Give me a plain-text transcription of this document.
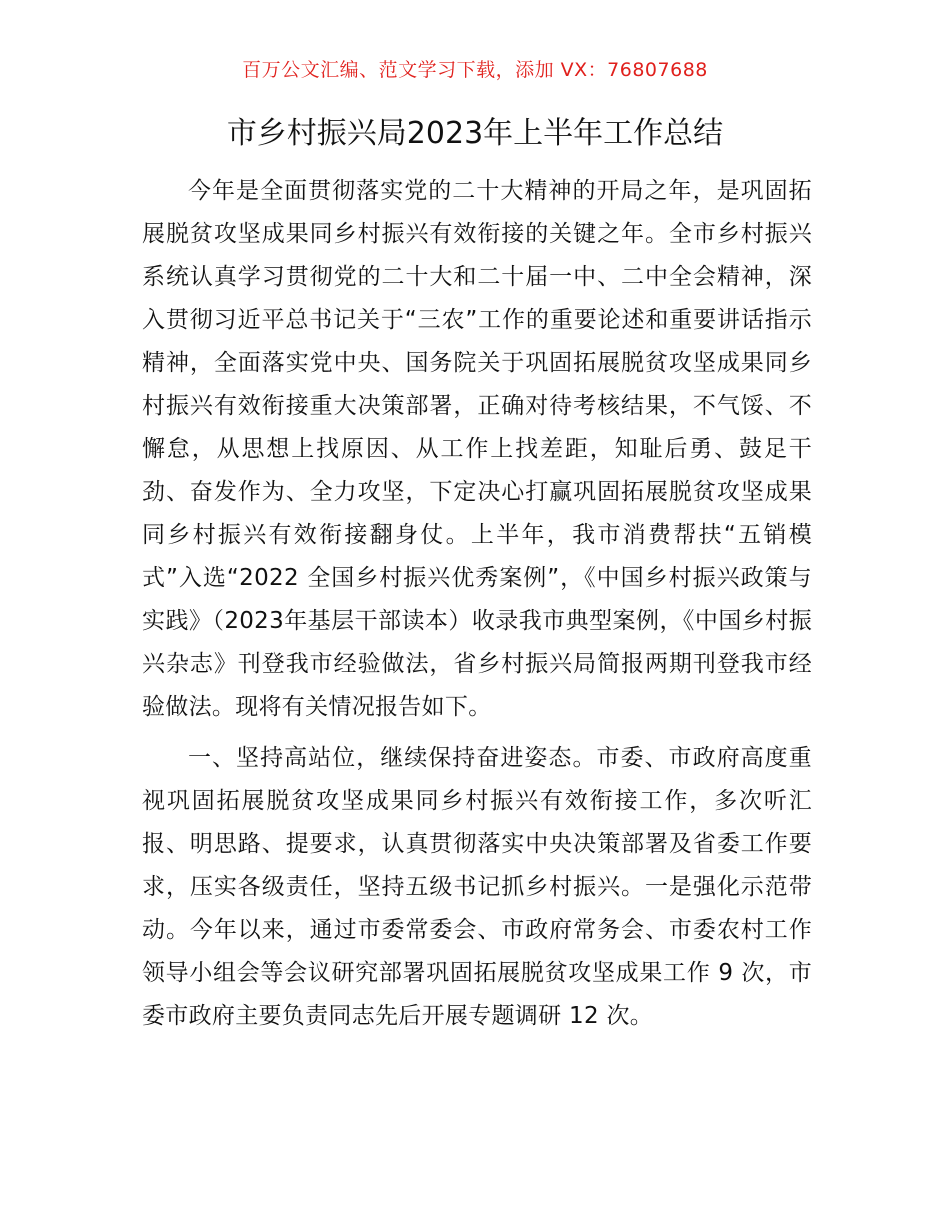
百万公文汇编、范文学习下载，添加 VX：76807688
市乡村振兴局2023年上半年工作总结

今年是全面贯彻落实党的二十大精神的开局之年，是巩固拓展脱贫攻坚成果同乡村振兴有效衔接的关键之年。全市乡村振兴系统认真学习贯彻党的二十大和二十届一中、二中全会精神，深入贯彻习近平总书记关于“三农”工作的重要论述和重要讲话指示精神，全面落实党中央、国务院关于巩固拓展脱贫攻坚成果同乡村振兴有效衔接重大决策部署，正确对待考核结果，不气馁、不懈怠，从思想上找原因、从工作上找差距，知耻后勇、鼓足干劲、奋发作为、全力攻坚，下定决心打赢巩固拓展脱贫攻坚成果同乡村振兴有效衔接翻身仗。上半年，我市消费帮扶“五销模式”入选“2022 全国乡村振兴优秀案例”，《中国乡村振兴政策与实践》（2023年基层干部读本）收录我市典型案例，《中国乡村振兴杂志》刊登我市经验做法，省乡村振兴局简报两期刊登我市经验做法。现将有关情况报告如下。

一、坚持高站位，继续保持奋进姿态。市委、市政府高度重视巩固拓展脱贫攻坚成果同乡村振兴有效衔接工作，多次听汇报、明思路、提要求，认真贯彻落实中央决策部署及省委工作要求，压实各级责任，坚持五级书记抓乡村振兴。一是强化示范带动。今年以来，通过市委常委会、市政府常务会、市委农村工作领导小组会等会议研究部署巩固拓展脱贫攻坚成果工作 9 次，市委市政府主要负责同志先后开展专题调研 12 次。
